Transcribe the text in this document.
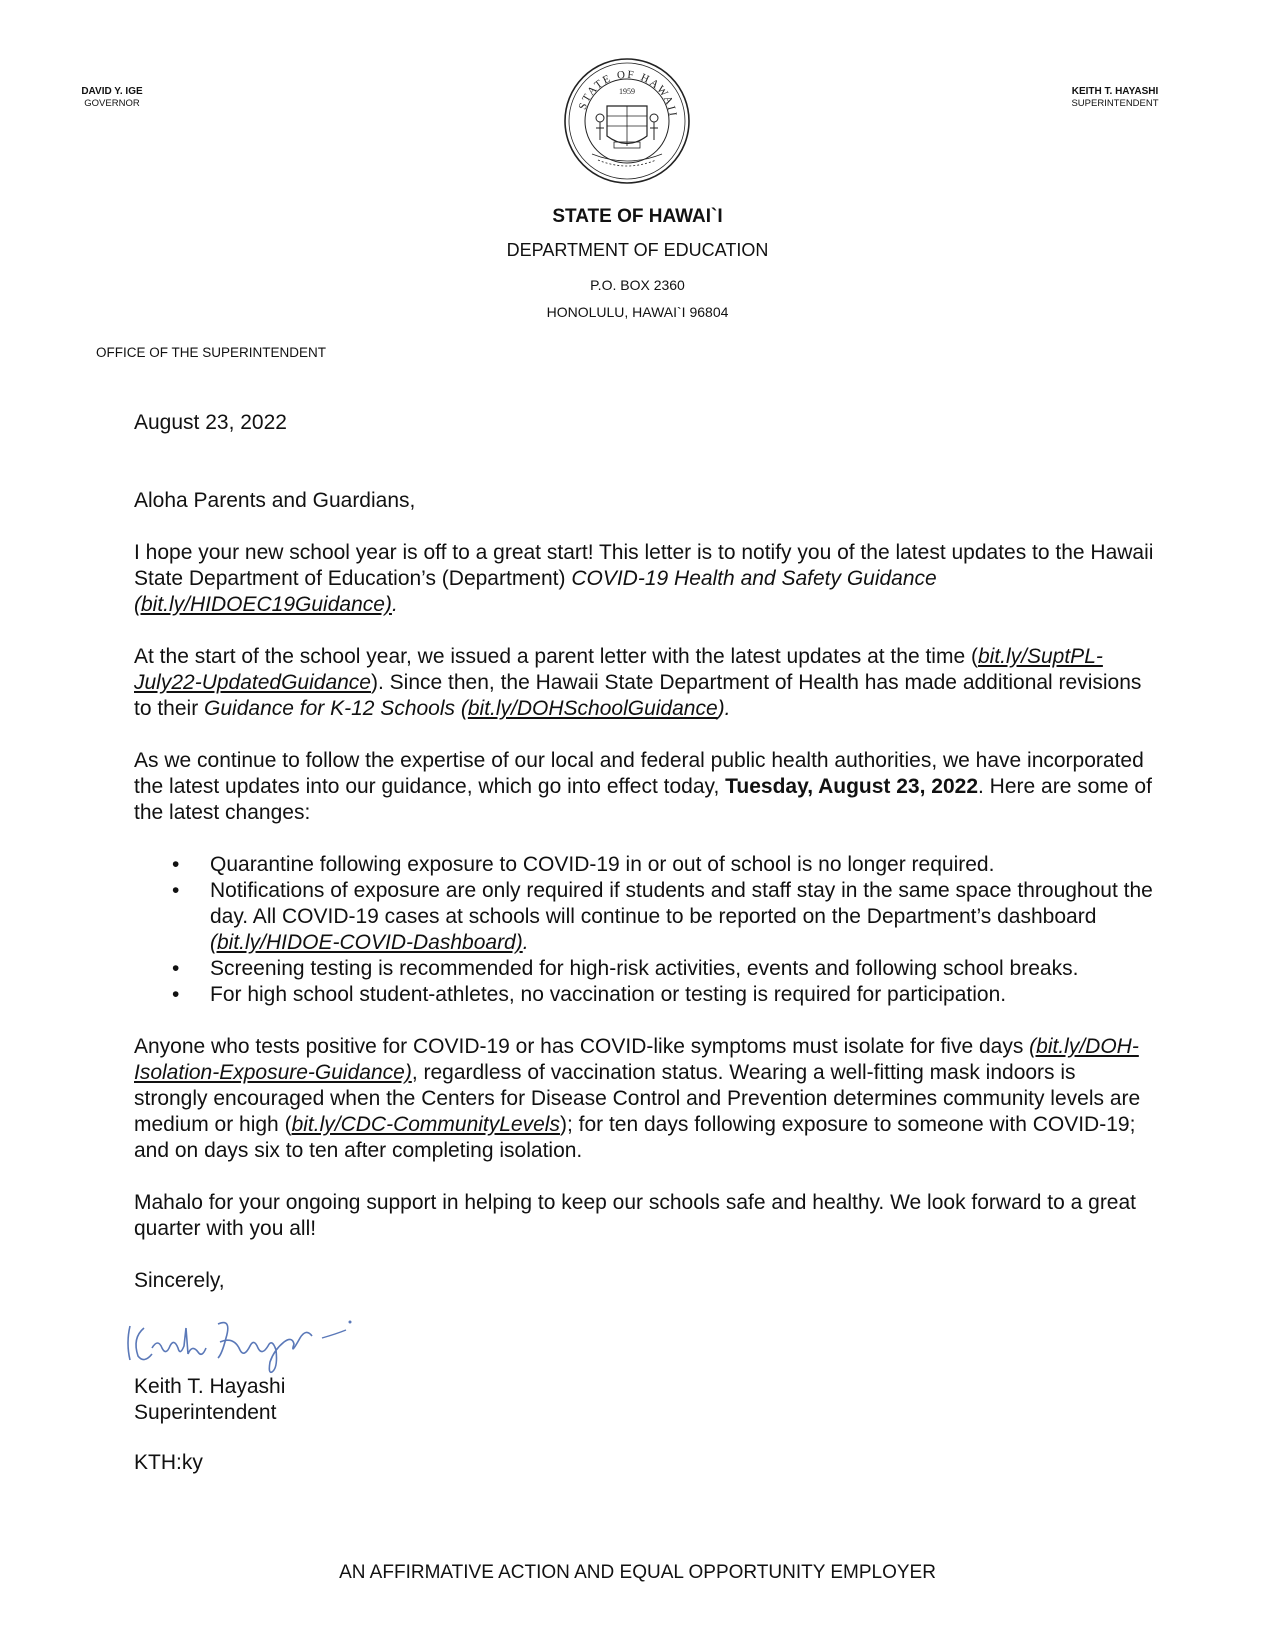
DAVID Y. IGE
GOVERNOR	STATE OF HAWAII
1959	KEITH T. HAYASHI
SUPERINTENDENT
STATE OF HAWAI`I
DEPARTMENT OF EDUCATION
P.O. BOX 2360
HONOLULU, HAWAI`I 96804
OFFICE OF THE SUPERINTENDENT

August 23, 2022

Aloha Parents and Guardians,

I hope your new school year is off to a great start! This letter is to notify you of the latest updates to the Hawaii State Department of Education’s (Department) COVID-19 Health and Safety Guidance (bit.ly/HIDOEC19Guidance).

At the start of the school year, we issued a parent letter with the latest updates at the time (bit.ly/SuptPL-July22-UpdatedGuidance). Since then, the Hawaii State Department of Health has made additional revisions to their Guidance for K-12 Schools (bit.ly/DOHSchoolGuidance).

As we continue to follow the expertise of our local and federal public health authorities, we have incorporated the latest updates into our guidance, which go into effect today, Tuesday, August 23, 2022. Here are some of the latest changes:

• Quarantine following exposure to COVID-19 in or out of school is no longer required.
• Notifications of exposure are only required if students and staff stay in the same space throughout the day. All COVID-19 cases at schools will continue to be reported on the Department’s dashboard (bit.ly/HIDOE-COVID-Dashboard).
• Screening testing is recommended for high-risk activities, events and following school breaks.
• For high school student-athletes, no vaccination or testing is required for participation.

Anyone who tests positive for COVID-19 or has COVID-like symptoms must isolate for five days (bit.ly/DOH-Isolation-Exposure-Guidance), regardless of vaccination status. Wearing a well-fitting mask indoors is strongly encouraged when the Centers for Disease Control and Prevention determines community levels are medium or high (bit.ly/CDC-CommunityLevels); for ten days following exposure to someone with COVID-19; and on days six to ten after completing isolation.

Mahalo for your ongoing support in helping to keep our schools safe and healthy. We look forward to a great quarter with you all!

Sincerely,

Keith T. Hayashi

Superintendent

KTH:ky

AN AFFIRMATIVE ACTION AND EQUAL OPPORTUNITY EMPLOYER
